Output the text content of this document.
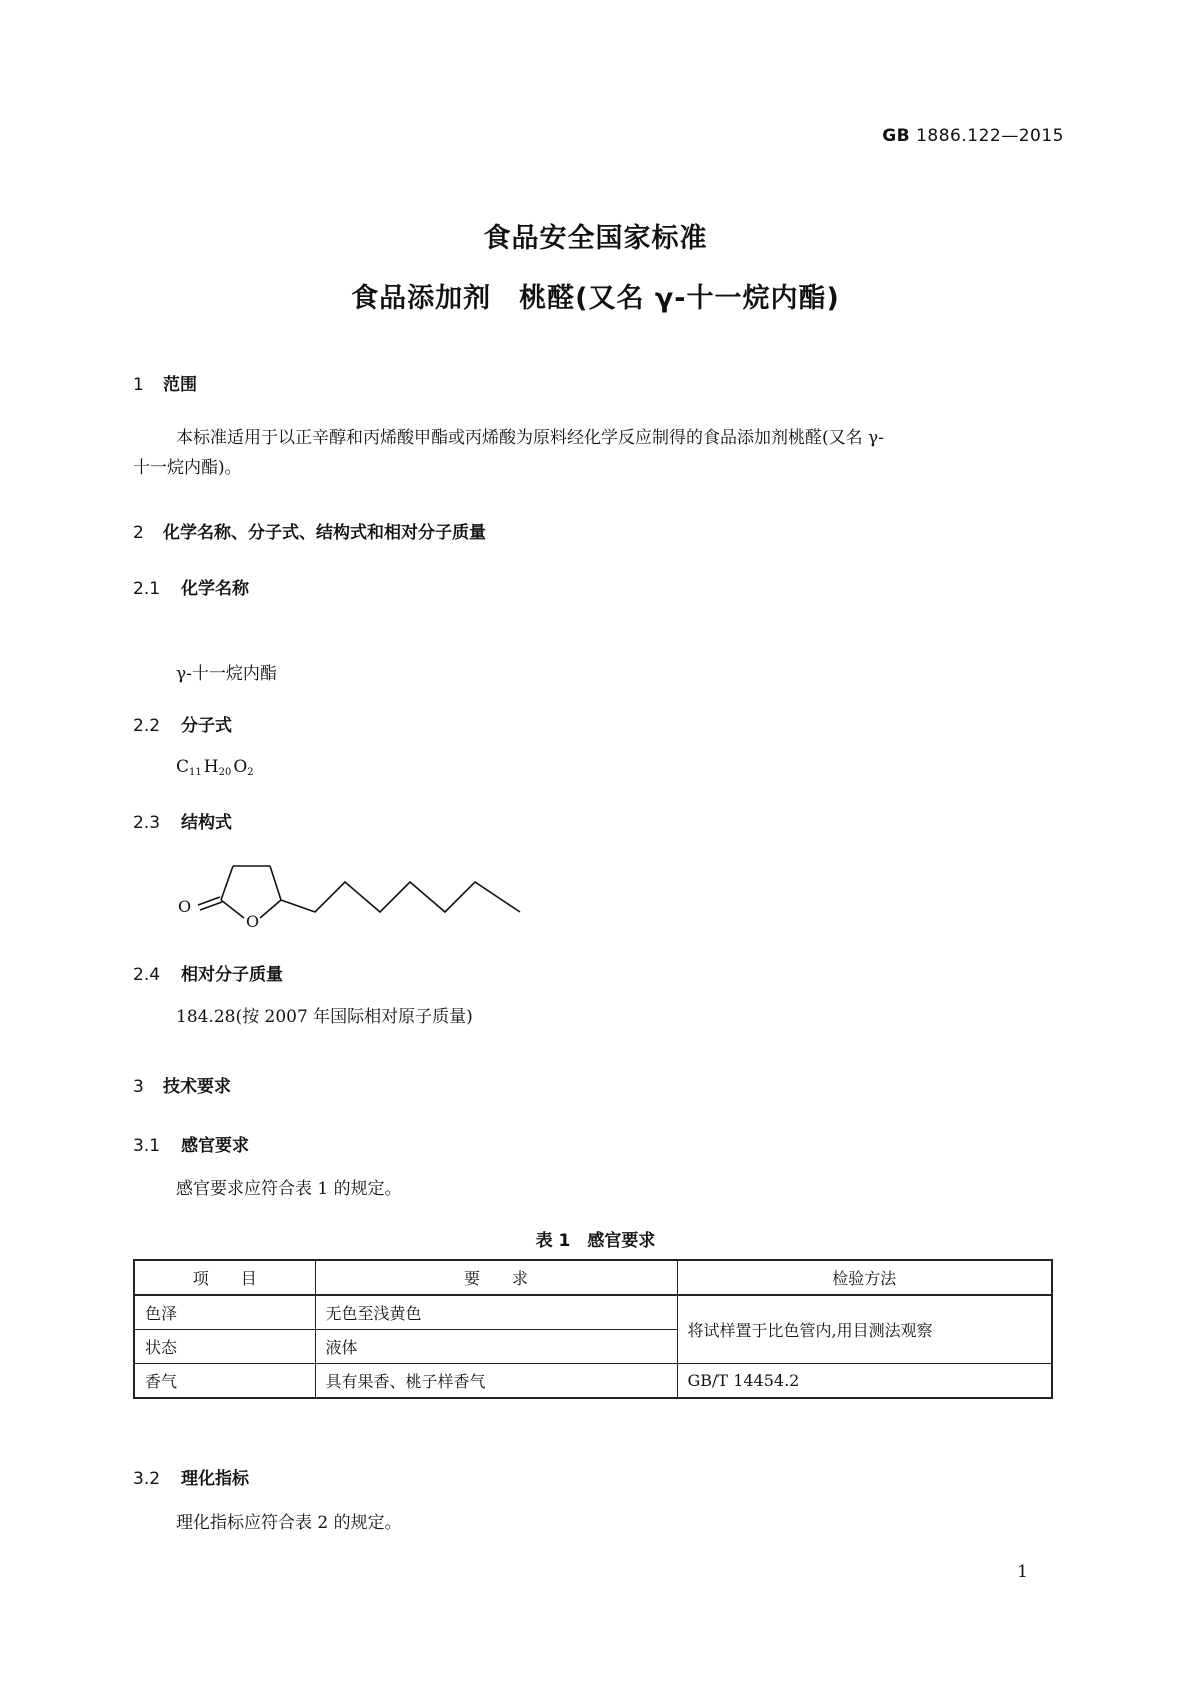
GB 1886.122—2015
食品安全国家标准
食品添加剂　桃醛(又名 γ-十一烷内酯)
1 范围
本标准适用于以正辛醇和丙烯酸甲酯或丙烯酸为原料经化学反应制得的食品添加剂桃醛(又名 γ-
十一烷内酯)。
2 化学名称、分子式、结构式和相对分子质量
2.1 化学名称
γ-十一烷内酯
2.2 分子式
$C_{11}$ $H_{20}$ $O_2$
2.3 结构式
O
O
2.4 相对分子质量
184.28(按 2007 年国际相对原子质量)
3 技术要求
3.1 感官要求
感官要求应符合表 1 的规定。
表 1　感官要求
项　　目	要　　求	检验方法
色泽	无色至浅黄色	将试样置于比色管内,用目测法观察
状态	液体	
香气	具有果香、桃子样香气	GB/T 14454.2
3.2 理化指标
理化指标应符合表 2 的规定。
1
